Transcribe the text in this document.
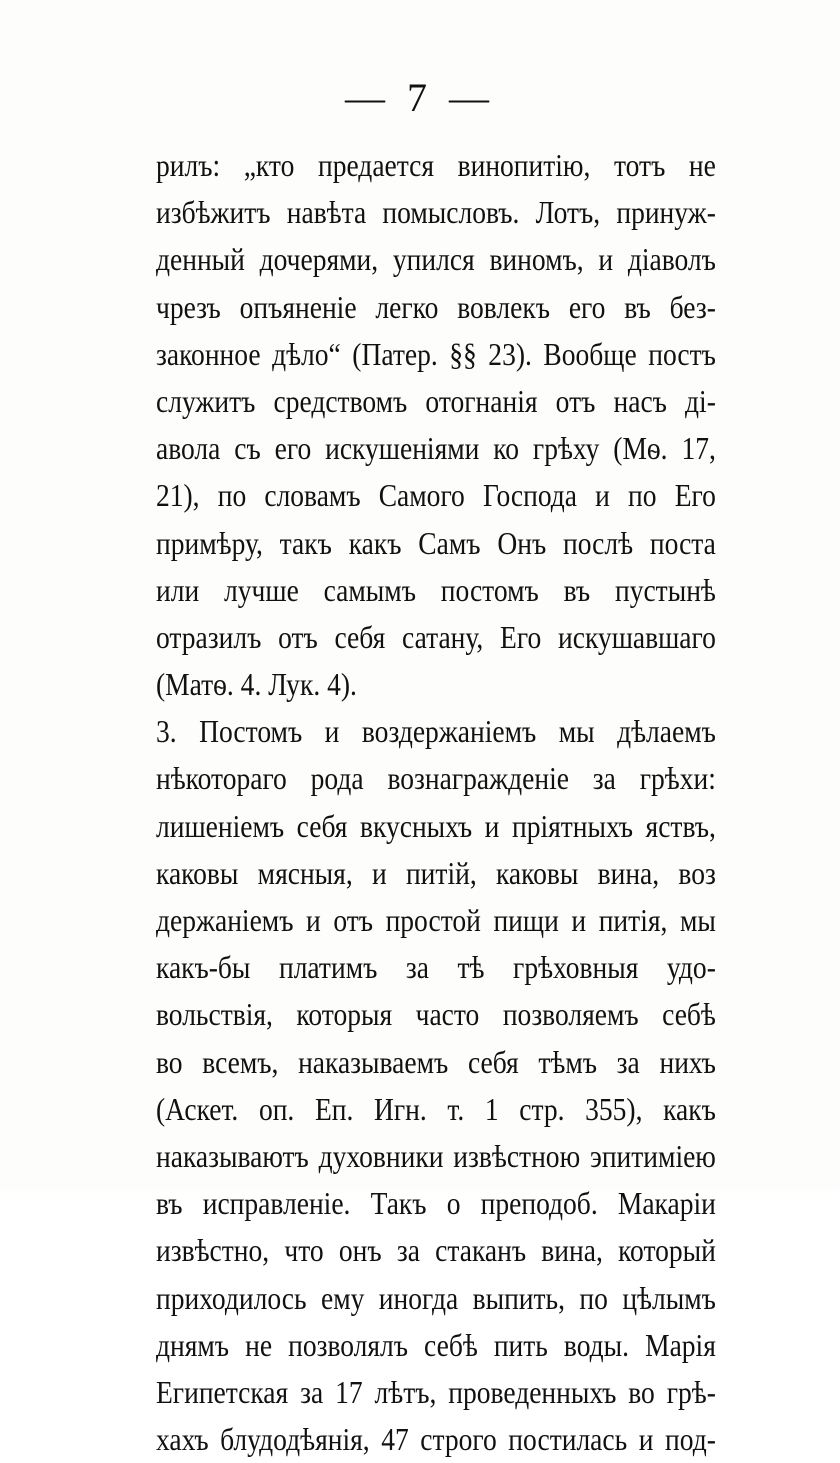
— 7 —
рилъ: „кто предается винопитію, тотъ не
избѣжитъ навѣта помысловъ. Лотъ, принуж-
денный дочерями, упился виномъ, и діаволъ
чрезъ опъяненіе легко вовлекъ его въ без-
законное дѣло“ (Патер. §§ 23). Вообще постъ
служитъ средствомъ отогнанія отъ насъ ді-
авола съ его искушеніями ко грѣху (Мѳ. 17,
21), по словамъ Самого Господа и по Его
примѣру, такъ какъ Самъ Онъ послѣ поста
или лучше самымъ постомъ въ пустынѣ
отразилъ отъ себя сатану, Его искушавшаго
(Матѳ. 4. Лук. 4).
3. Постомъ и воздержаніемъ мы дѣлаемъ
нѣкотораго рода вознагражденіе за грѣхи:
лишеніемъ себя вкусныхъ и пріятныхъ яствъ,
каковы мясныя, и питій, каковы вина, воз
держаніемъ и отъ простой пищи и питія, мы
какъ-бы платимъ за тѣ грѣховныя удо-
вольствія, которыя часто позволяемъ себѣ
во всемъ, наказываемъ себя тѣмъ за нихъ
(Аскет. оп. Еп. Игн. т. 1 стр. 355), какъ
наказываютъ духовники извѣстною эпитиміею
въ исправленіе. Такъ о преподоб. Макаріи
извѣстно, что онъ за стаканъ вина, который
приходилось ему иногда выпить, по цѣлымъ
днямъ не позволялъ себѣ пить воды. Марія
Египетская за 17 лѣтъ, проведенныхъ во грѣ-
хахъ блудодѣянія, 47 строго постилась и под-
